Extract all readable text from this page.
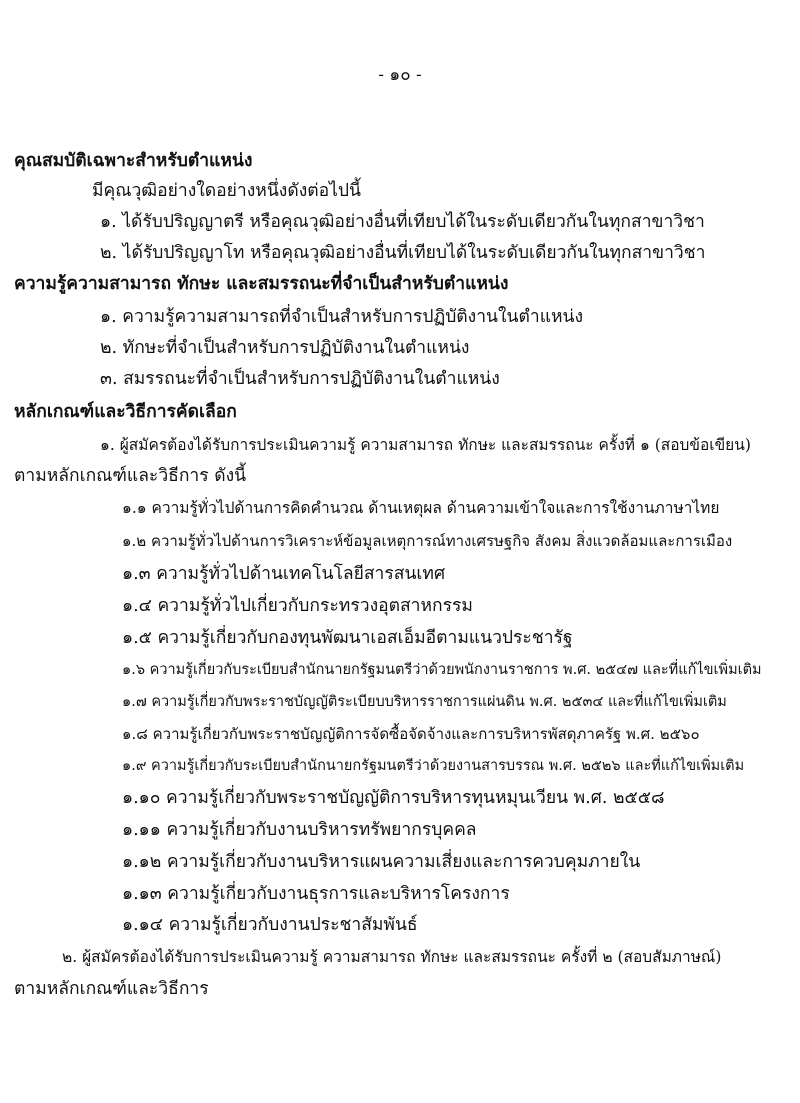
- ๑๐ -
คุณสมบัติเฉพาะสำหรับตำแหน่ง
มีคุณวุฒิอย่างใดอย่างหนึ่งดังต่อไปนี้
๑. ได้รับปริญญาตรี หรือคุณวุฒิอย่างอื่นที่เทียบได้ในระดับเดียวกันในทุกสาขาวิชา
๒. ได้รับปริญญาโท หรือคุณวุฒิอย่างอื่นที่เทียบได้ในระดับเดียวกันในทุกสาขาวิชา
ความรู้ความสามารถ ทักษะ และสมรรถนะที่จำเป็นสำหรับตำแหน่ง
๑. ความรู้ความสามารถที่จำเป็นสำหรับการปฏิบัติงานในตำแหน่ง
๒. ทักษะที่จำเป็นสำหรับการปฏิบัติงานในตำแหน่ง
๓. สมรรถนะที่จำเป็นสำหรับการปฏิบัติงานในตำแหน่ง
หลักเกณฑ์และวิธีการคัดเลือก
๑. ผู้สมัครต้องได้รับการประเมินความรู้ ความสามารถ ทักษะ และสมรรถนะ ครั้งที่ ๑ (สอบข้อเขียน)
ตามหลักเกณฑ์และวิธีการ ดังนี้
๑.๑ ความรู้ทั่วไปด้านการคิดคำนวณ ด้านเหตุผล ด้านความเข้าใจและการใช้งานภาษาไทย
๑.๒ ความรู้ทั่วไปด้านการวิเคราะห์ข้อมูลเหตุการณ์ทางเศรษฐกิจ สังคม สิ่งแวดล้อมและการเมือง
๑.๓ ความรู้ทั่วไปด้านเทคโนโลยีสารสนเทศ
๑.๔ ความรู้ทั่วไปเกี่ยวกับกระทรวงอุตสาหกรรม
๑.๕ ความรู้เกี่ยวกับกองทุนพัฒนาเอสเอ็มอีตามแนวประชารัฐ
๑.๖ ความรู้เกี่ยวกับระเบียบสำนักนายกรัฐมนตรีว่าด้วยพนักงานราชการ พ.ศ. ๒๕๔๗ และที่แก้ไขเพิ่มเติม
๑.๗ ความรู้เกี่ยวกับพระราชบัญญัติระเบียบบริหารราชการแผ่นดิน พ.ศ. ๒๕๓๔ และที่แก้ไขเพิ่มเติม
๑.๘ ความรู้เกี่ยวกับพระราชบัญญัติการจัดซื้อจัดจ้างและการบริหารพัสดุภาครัฐ พ.ศ. ๒๕๖๐
๑.๙ ความรู้เกี่ยวกับระเบียบสำนักนายกรัฐมนตรีว่าด้วยงานสารบรรณ พ.ศ. ๒๕๒๖ และที่แก้ไขเพิ่มเติม
๑.๑๐ ความรู้เกี่ยวกับพระราชบัญญัติการบริหารทุนหมุนเวียน พ.ศ. ๒๕๕๘
๑.๑๑ ความรู้เกี่ยวกับงานบริหารทรัพยากรบุคคล
๑.๑๒ ความรู้เกี่ยวกับงานบริหารแผนความเสี่ยงและการควบคุมภายใน
๑.๑๓ ความรู้เกี่ยวกับงานธุรการและบริหารโครงการ
๑.๑๔ ความรู้เกี่ยวกับงานประชาสัมพันธ์
๒. ผู้สมัครต้องได้รับการประเมินความรู้ ความสามารถ ทักษะ และสมรรถนะ ครั้งที่ ๒ (สอบสัมภาษณ์)
ตามหลักเกณฑ์และวิธีการ
